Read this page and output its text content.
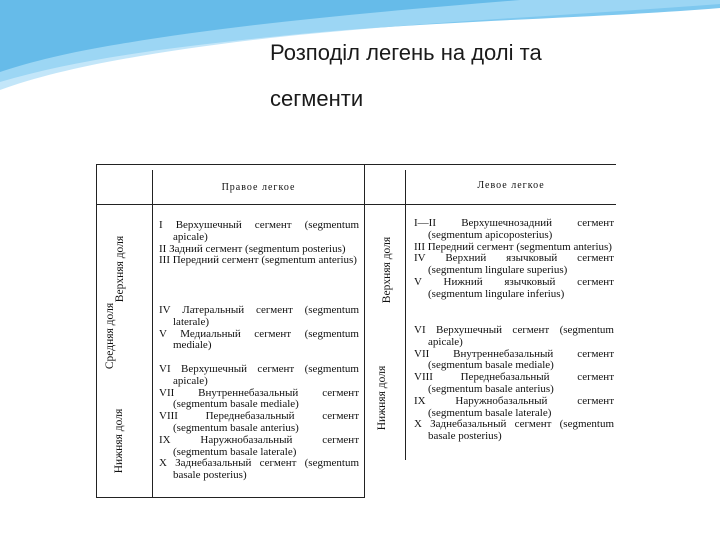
Розподіл легень на долі та
сегменти
Правое легкое	Левое легкое
Верхняя доля
Средняя доля
Нижняя доля
Верхняя доля
Нижняя доля
I Верхушечный сегмент (segmentum apicale)
II Задний сегмент (segmentum posterius)
III Передний сегмент (segmentum anterius)
IV Латеральный сегмент (segmentum laterale)
V Медиальный сегмент (segmentum mediale)
VI Верхушечный сегмент (segmentum apicale)
VII Внутреннебазальный сегмент (segmentum basale mediale)
VIII Переднебазальный сегмент (segmentum basale anterius)
IX Наружнобазальный сегмент (segmentum basale laterale)
X Заднебазальный сегмент (segmentum basale posterius)
I—II Верхушечнозадний сегмент (segmentum apicoposterius)
III Передний сегмент (segmentum anterius)
IV Верхний язычковый сегмент (segmentum lingulare superius)
V Нижний язычковый сегмент (segmentum lingulare inferius)
VI Верхушечный сегмент (segmentum apicale)
VII Внутреннебазальный сегмент (segmentum basale mediale)
VIII Переднебазальный сегмент (segmentum basale anterius)
IX Наружнобазальный сегмент (segmentum basale laterale)
X Заднебазальный сегмент (segmentum basale posterius)
